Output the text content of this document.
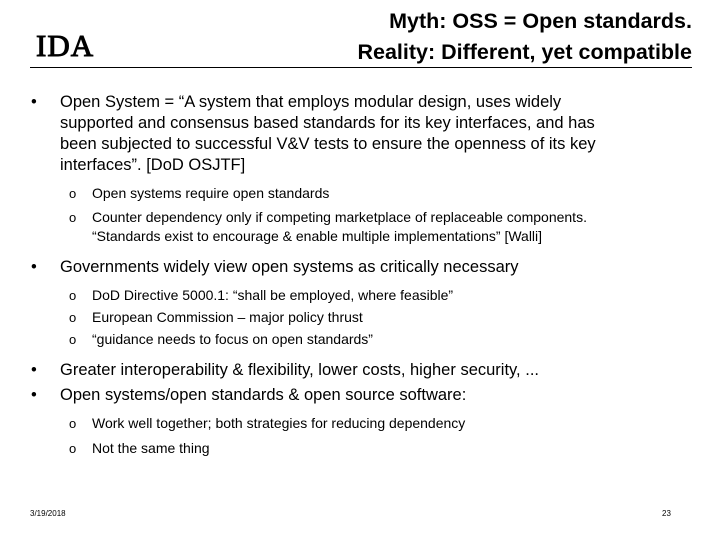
IDA
Myth: OSS = Open standards.
Reality: Different, yet compatible
• Open System = “A system that employs modular design, uses widely supported and consensus based standards for its key interfaces, and has been subjected to successful V&V tests to ensure the openness of its key interfaces”. [DoD OSJTF]
o Open systems require open standards
o Counter dependency only if competing marketplace of replaceable components. “Standards exist to encourage & enable multiple implementations” [Walli]
• Governments widely view open systems as critically necessary
o DoD Directive 5000.1: “shall be employed, where feasible”
o European Commission – major policy thrust
o “guidance needs to focus on open standards”
• Greater interoperability & flexibility, lower costs, higher security, ...
• Open systems/open standards & open source software:
o Work well together; both strategies for reducing dependency
o Not the same thing
3/19/2018	23
